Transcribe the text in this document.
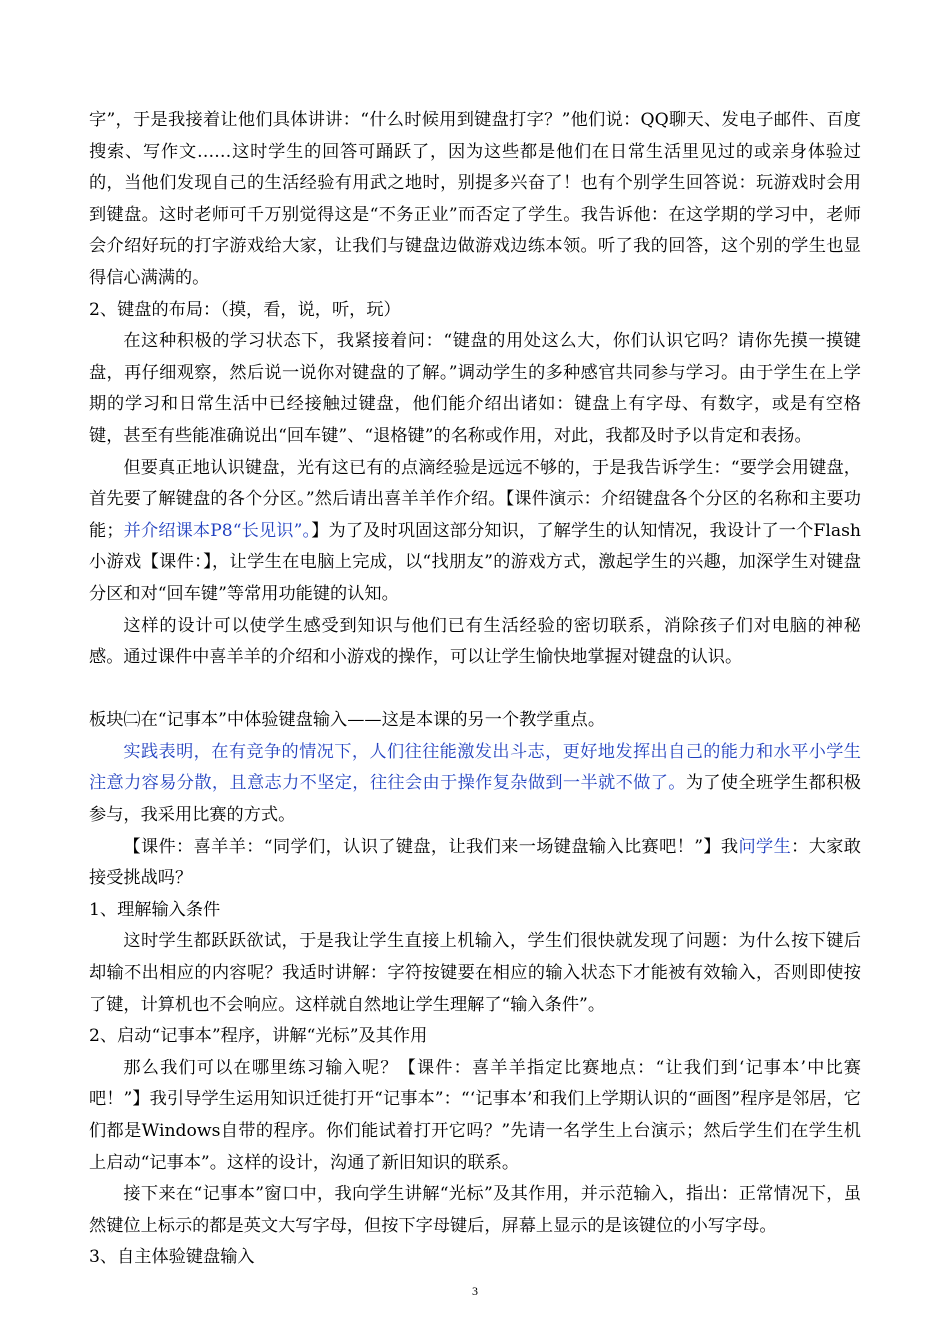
字”，于是我接着让他们具体讲讲：“什么时候用到键盘打字？”他们说：QQ聊天、发电子邮件、百度搜索、写作文……这时学生的回答可踊跃了，因为这些都是他们在日常生活里见过的或亲身体验过的，当他们发现自己的生活经验有用武之地时，别提多兴奋了！也有个别学生回答说：玩游戏时会用到键盘。这时老师可千万别觉得这是“不务正业”而否定了学生。我告诉他：在这学期的学习中，老师会介绍好玩的打字游戏给大家，让我们与键盘边做游戏边练本领。听了我的回答，这个别的学生也显得信心满满的。

2、键盘的布局：（摸，看，说，听，玩）

在这种积极的学习状态下，我紧接着问：“键盘的用处这么大，你们认识它吗？请你先摸一摸键盘，再仔细观察，然后说一说你对键盘的了解。”调动学生的多种感官共同参与学习。由于学生在上学期的学习和日常生活中已经接触过键盘，他们能介绍出诸如：键盘上有字母、有数字，或是有空格键，甚至有些能准确说出“回车键”、“退格键”的名称或作用，对此，我都及时予以肯定和表扬。

但要真正地认识键盘，光有这已有的点滴经验是远远不够的，于是我告诉学生：“要学会用键盘，首先要了解键盘的各个分区。”然后请出喜羊羊作介绍。【课件演示：介绍键盘各个分区的名称和主要功能；并介绍课本P8“长见识”。】为了及时巩固这部分知识，了解学生的认知情况，我设计了一个Flash小游戏【课件：】，让学生在电脑上完成，以“找朋友”的游戏方式，激起学生的兴趣，加深学生对键盘分区和对“回车键”等常用功能键的认知。

这样的设计可以使学生感受到知识与他们已有生活经验的密切联系，消除孩子们对电脑的神秘感。通过课件中喜羊羊的介绍和小游戏的操作，可以让学生愉快地掌握对键盘的认识。

板块㈡在“记事本”中体验键盘输入——这是本课的另一个教学重点。

实践表明，在有竞争的情况下，人们往往能激发出斗志，更好地发挥出自己的能力和水平小学生注意力容易分散，且意志力不坚定，往往会由于操作复杂做到一半就不做了。为了使全班学生都积极参与，我采用比赛的方式。

【课件：喜羊羊：“同学们，认识了键盘，让我们来一场键盘输入比赛吧！”】我问学生：大家敢接受挑战吗？

1、理解输入条件

这时学生都跃跃欲试，于是我让学生直接上机输入，学生们很快就发现了问题：为什么按下键后却输不出相应的内容呢？我适时讲解：字符按键要在相应的输入状态下才能被有效输入，否则即使按了键，计算机也不会响应。这样就自然地让学生理解了“输入条件”。

2、启动“记事本”程序，讲解“光标”及其作用

那么我们可以在哪里练习输入呢？【课件：喜羊羊指定比赛地点：“让我们到‘记事本’中比赛吧！”】我引导学生运用知识迁徙打开“记事本”：“‘记事本’和我们上学期认识的“画图”程序是邻居，它们都是Windows自带的程序。你们能试着打开它吗？”先请一名学生上台演示；然后学生们在学生机上启动“记事本”。这样的设计，沟通了新旧知识的联系。

接下来在“记事本”窗口中，我向学生讲解“光标”及其作用，并示范输入，指出：正常情况下，虽然键位上标示的都是英文大写字母，但按下字母键后，屏幕上显示的是该键位的小写字母。

3、自主体验键盘输入

3
